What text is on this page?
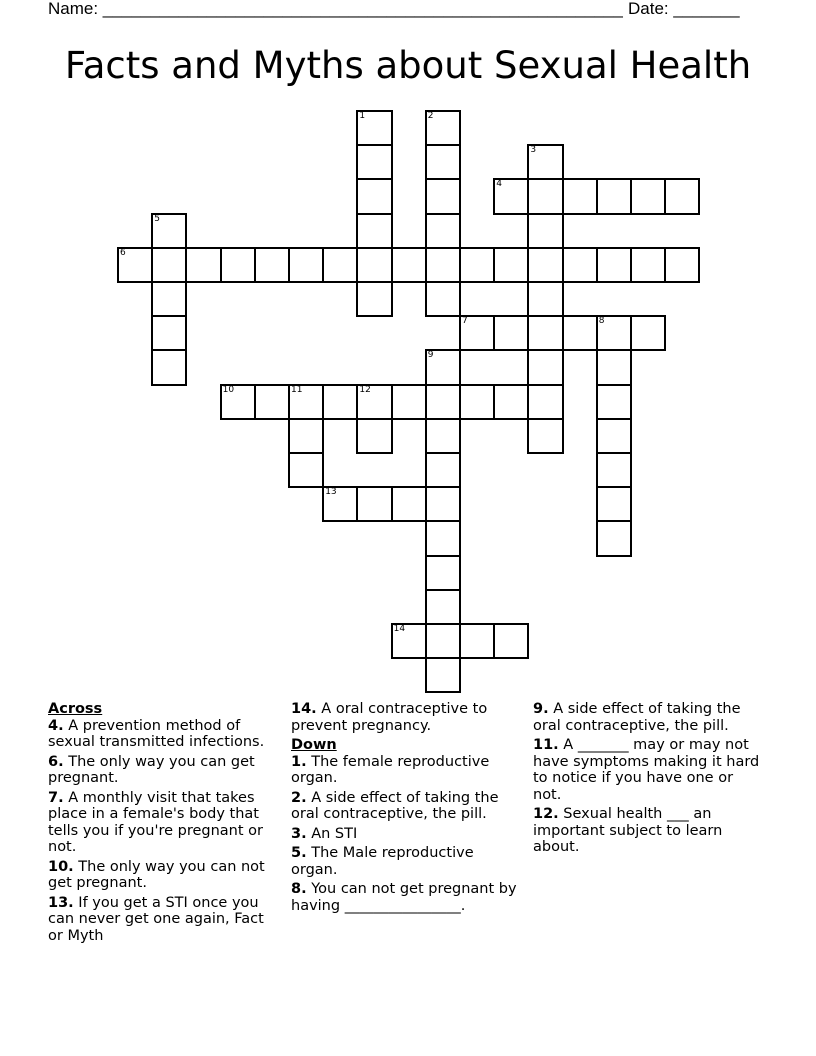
Name: _______________________________________________________ Date: _______
Facts and Myths about Sexual Health
1	2
3
4
5
6
7	8
9
10	11	12
13
14
Across
4. A prevention method of sexual transmitted infections.
6. The only way you can get pregnant.
7. A monthly visit that takes place in a female's body that tells you if you're pregnant or not.
10. The only way you can not get pregnant.
13. If you get a STI once you can never get one again, Fact or Myth
14. A oral contraceptive to prevent pregnancy.
Down
1. The female reproductive organ.
2. A side effect of taking the oral contraceptive, the pill.
3. An STI
5. The Male reproductive organ.
8. You can not get pregnant by having ________________.
9. A side effect of taking the oral contraceptive, the pill.
11. A _______ may or may not have symptoms making it hard to notice if you have one or not.
12. Sexual health ___ an important subject to learn about.
